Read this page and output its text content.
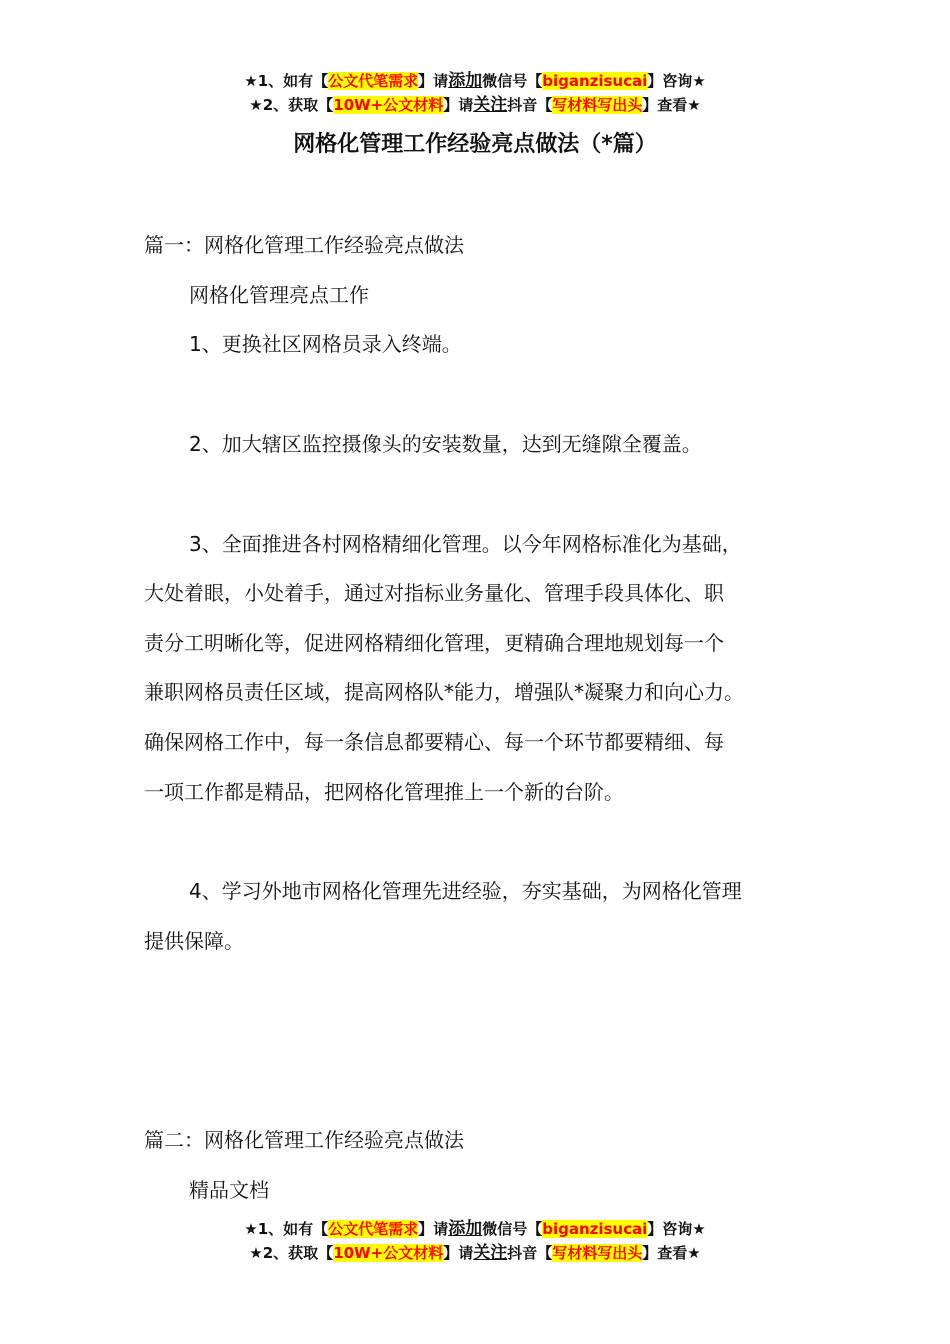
★1、如有【公文代笔需求】请添加微信号【biganzisucai】咨询★
★2、获取【10W+公文材料】请关注抖音【写材料写出头】查看★
网格化管理工作经验亮点做法（*篇）
篇一：网格化管理工作经验亮点做法
网格化管理亮点工作
1、更换社区网格员录入终端。
2、加大辖区监控摄像头的安装数量，达到无缝隙全覆盖。
3、全面推进各村网格精细化管理。以今年网格标准化为基础，
大处着眼，小处着手，通过对指标业务量化、管理手段具体化、职
责分工明晰化等，促进网格精细化管理，更精确合理地规划每一个
兼职网格员责任区域，提高网格队*能力，增强队*凝聚力和向心力。
确保网格工作中，每一条信息都要精心、每一个环节都要精细、每
一项工作都是精品，把网格化管理推上一个新的台阶。
4、学习外地市网格化管理先进经验，夯实基础，为网格化管理
提供保障。
篇二：网格化管理工作经验亮点做法
精品文档
★1、如有【公文代笔需求】请添加微信号【biganzisucai】咨询★
★2、获取【10W+公文材料】请关注抖音【写材料写出头】查看★
